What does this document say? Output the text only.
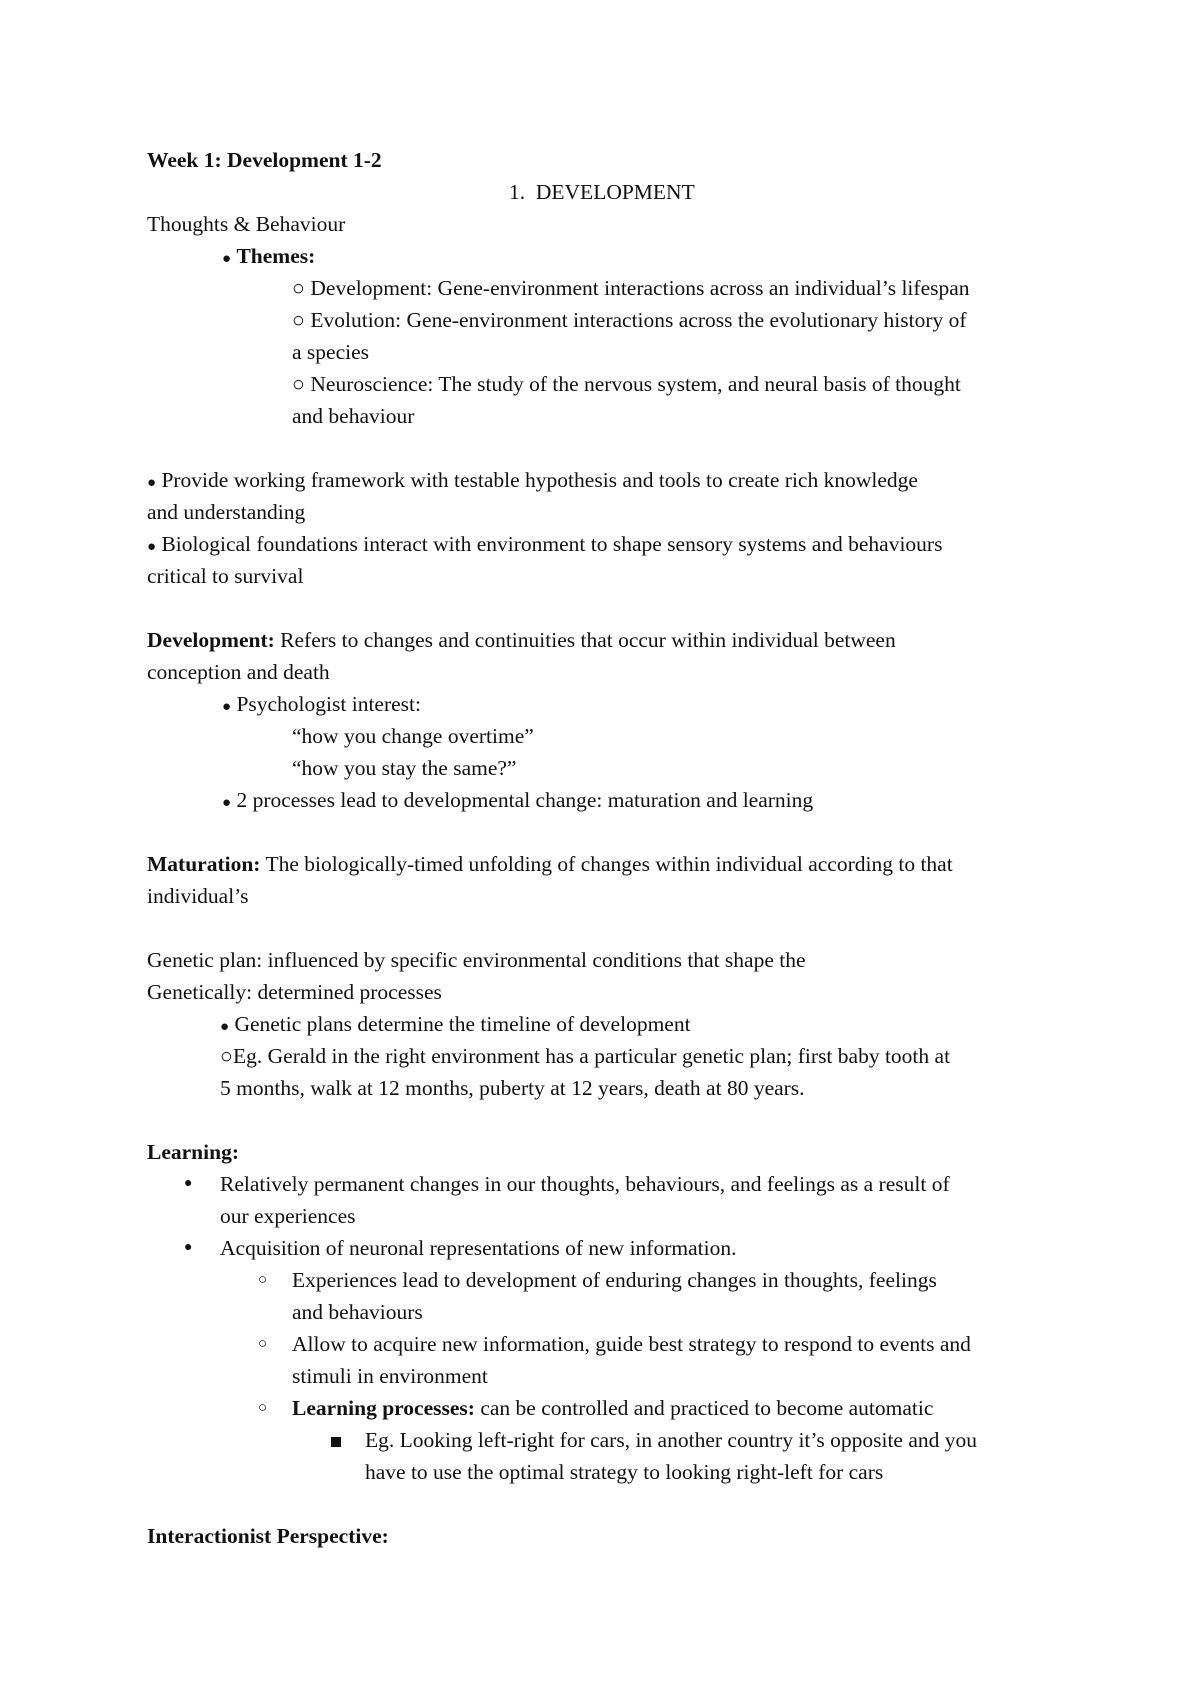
Week 1: Development 1-2
1. DEVELOPMENT
Thoughts & Behaviour
● Themes:
○ Development: Gene-environment interactions across an individual’s lifespan
○ Evolution: Gene-environment interactions across the evolutionary history of
a species
○ Neuroscience: The study of the nervous system, and neural basis of thought
and behaviour
● Provide working framework with testable hypothesis and tools to create rich knowledge
and understanding
● Biological foundations interact with environment to shape sensory systems and behaviours
critical to survival
Development: Refers to changes and continuities that occur within individual between
conception and death
● Psychologist interest:
“how you change overtime”
“how you stay the same?”
● 2 processes lead to developmental change: maturation and learning
Maturation: The biologically-timed unfolding of changes within individual according to that
individual’s
Genetic plan: influenced by specific environmental conditions that shape the
Genetically: determined processes
● Genetic plans determine the timeline of development
○Eg. Gerald in the right environment has a particular genetic plan; first baby tooth at
5 months, walk at 12 months, puberty at 12 years, death at 80 years.
Learning:
● Relatively permanent changes in our thoughts, behaviours, and feelings as a result of
our experiences
● Acquisition of neuronal representations of new information.
○ Experiences lead to development of enduring changes in thoughts, feelings
and behaviours
○ Allow to acquire new information, guide best strategy to respond to events and
stimuli in environment
○ Learning processes: can be controlled and practiced to become automatic
Eg. Looking left-right for cars, in another country it’s opposite and you
have to use the optimal strategy to looking right-left for cars
Interactionist Perspective:
